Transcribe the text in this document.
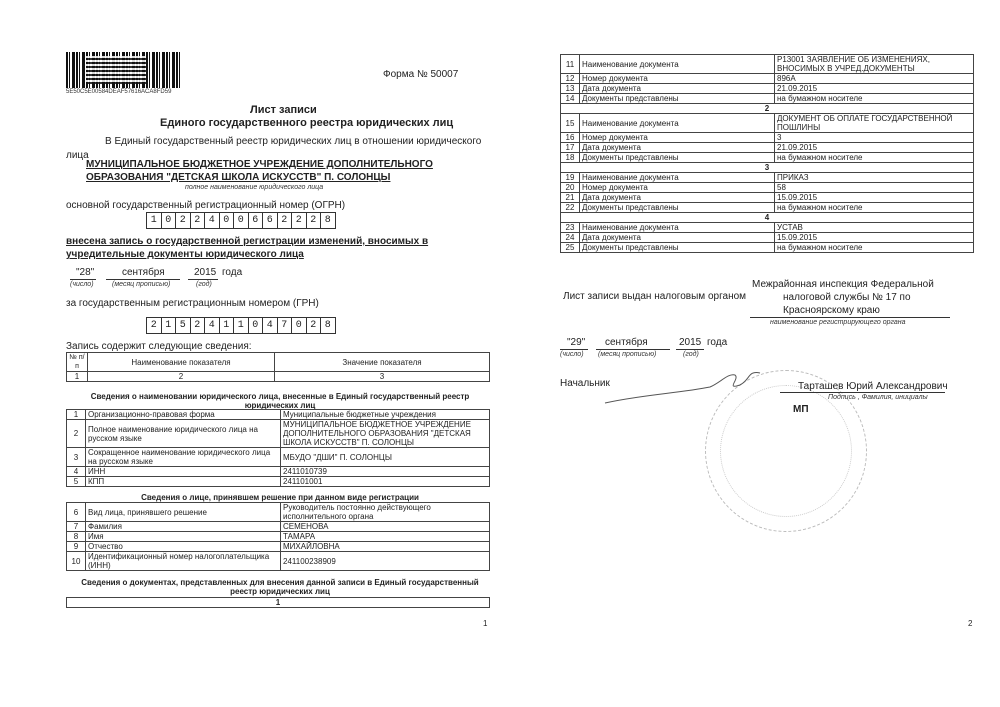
5E50C5E00584DEAF57616ACA8FD59
Форма № 50007
Лист записи
Единого государственного реестра юридических лиц
В Единый государственный реестр юридических лиц в отношении юридического
лица
МУНИЦИПАЛЬНОЕ БЮДЖЕТНОЕ УЧРЕЖДЕНИЕ ДОПОЛНИТЕЛЬНОГО
ОБРАЗОВАНИЯ "ДЕТСКАЯ ШКОЛА ИСКУССТВ" П. СОЛОНЦЫ
полное наименование юридического лица
основной государственный регистрационный номер (ОГРН)
1 0 2 2 4 0 0 6 6 2 2 2 8
внесена запись о государственной регистрации изменений, вносимых в
учредительные документы юридического лица
"28"	сентября	2015 года
(число)	(месяц прописью)	(год)
за государственным регистрационным номером (ГРН)
2 1 5 2 4 1 1 0 4 7 0 2 8
Запись содержит следующие сведения:
№ п/п	Наименование показателя	Значение показателя
1	2	3
Сведения о наименовании юридического лица, внесенные в Единый государственный реестр юридических лиц
1	Организационно-правовая форма	Муниципальные бюджетные учреждения
2	Полное наименование юридического лица на русском языке	МУНИЦИПАЛЬНОЕ БЮДЖЕТНОЕ УЧРЕЖДЕНИЕ ДОПОЛНИТЕЛЬНОГО ОБРАЗОВАНИЯ "ДЕТСКАЯ ШКОЛА ИСКУССТВ" П. СОЛОНЦЫ
3	Сокращенное наименование юридического лица на русском языке	МБУДО "ДШИ" П. СОЛОНЦЫ
4	ИНН	2411010739
5	КПП	241101001
Сведения о лице, принявшем решение при данном виде регистрации
6	Вид лица, принявшего решение	Руководитель постоянно действующего исполнительного органа
7	Фамилия	СЕМЕНОВА
8	Имя	ТАМАРА
9	Отчество	МИХАЙЛОВНА
10	Идентификационный номер налогоплательщика (ИНН)	241100238909
Сведения о документах, представленных для внесения данной записи в Единый государственный реестр юридических лиц
1
1
11	Наименование документа	Р13001 ЗАЯВЛЕНИЕ ОБ ИЗМЕНЕНИЯХ, ВНОСИМЫХ В УЧРЕД.ДОКУМЕНТЫ
12	Номер документа	896А
13	Дата документа	21.09.2015
14	Документы представлены	на бумажном носителе
2		
15	Наименование документа	ДОКУМЕНТ ОБ ОПЛАТЕ ГОСУДАРСТВЕННОЙ ПОШЛИНЫ
16	Номер документа	3
17	Дата документа	21.09.2015
18	Документы представлены	на бумажном носителе
3		
19	Наименование документа	ПРИКАЗ
20	Номер документа	58
21	Дата документа	15.09.2015
22	Документы представлены	на бумажном носителе
4		
23	Наименование документа	УСТАВ
24	Дата документа	15.09.2015
25	Документы представлены	на бумажном носителе
Лист записи выдан налоговым органом
Межрайонная инспекция Федеральной
налоговой службы № 17 по
Красноярскому краю
наименование регистрирующего органа
"29" сентября	2015 года
(число) (месяц прописью)	(год)
Начальник	Тарташев Юрий Александрович
Подпись , Фамилия, инициалы
МП
2
